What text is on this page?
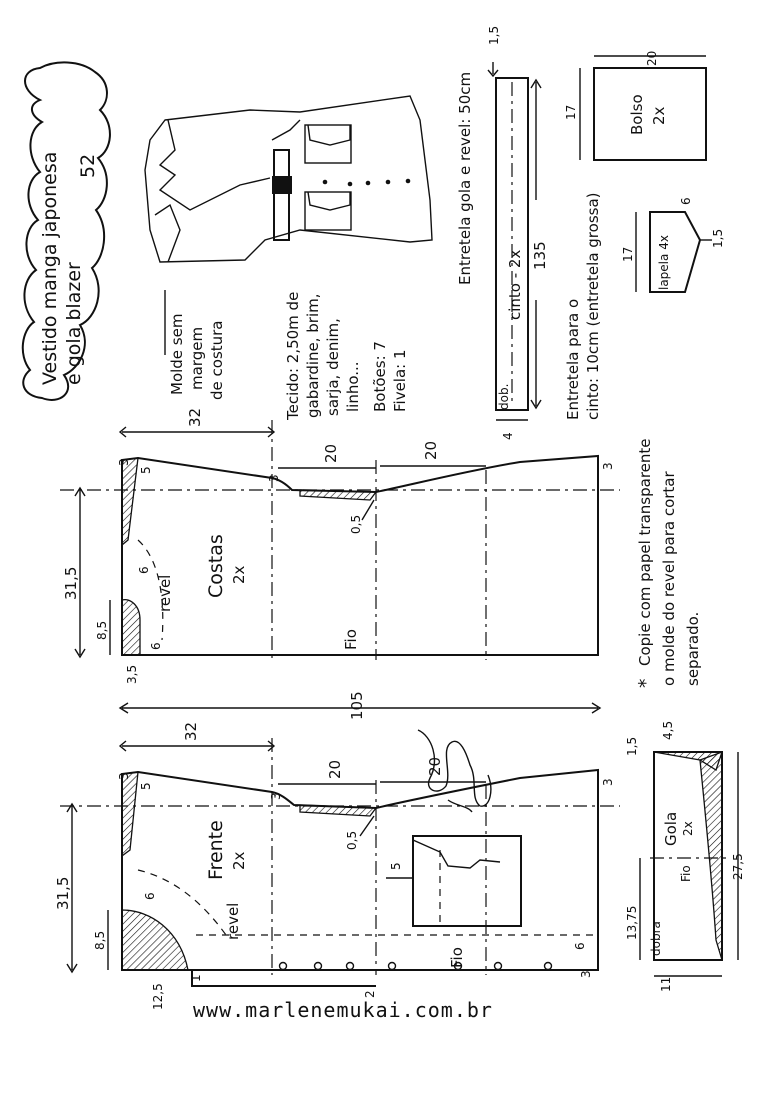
Vestido manga japonesa e gola blazer
52
Molde sem margem de costura	Tecido: 2,50m de gabardine, brim, sarja, denim, linho... Botões: 7 Fivela: 1
Entretela gola e revel: 50cm cinto - 2x 135
dob.
1,5
4
Entretela para o cinto: 10cm (entretela grossa)
Bolso 2x
17
20
lapela 4x
6
17
1,5
32
20	20
31,5
8,5
3,5
3
3
3
5
6
6
0,5
revel Costas 2x
Fio
105
32
20	20
31,5
8,5
12,5	2
3
3
3
5
6
0,5
5
6
3
1
revel
Frente 2x
Fio
Gola 2x
Fio
dobra
13,75
27,5
1,5
4,5
11
*
Copie com papel transparente o molde do revel para cortar separado.
www.marlenemukai.com.br
